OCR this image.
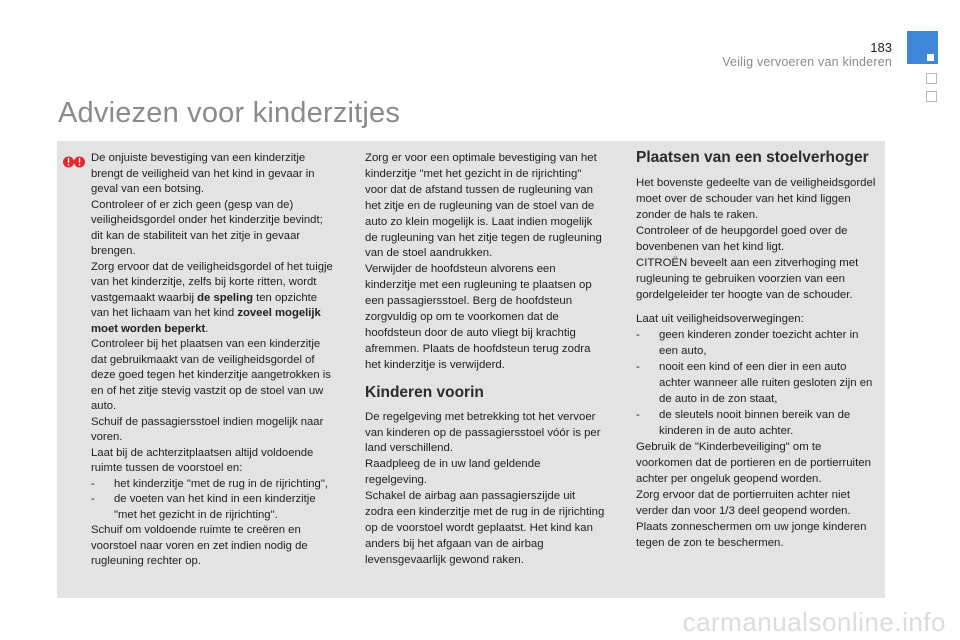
183
Veilig vervoeren van kinderen
Adviezen voor kinderzitjes

De onjuiste bevestiging van een kinderzitje brengt de veiligheid van het kind in gevaar in geval van een botsing.

Controleer of er zich geen (gesp van de) veiligheidsgordel onder het kinderzitje bevindt; dit kan de stabiliteit van het zitje in gevaar brengen.

Zorg ervoor dat de veiligheidsgordel of het tuigje van het kinderzitje, zelfs bij korte ritten, wordt vastgemaakt waarbij de speling ten opzichte van het lichaam van het kind zoveel mogelijk moet worden beperkt.

Controleer bij het plaatsen van een kinderzitje dat gebruikmaakt van de veiligheidsgordel of deze goed tegen het kinderzitje aangetrokken is en of het zitje stevig vastzit op de stoel van uw auto.

Schuif de passagiersstoel indien mogelijk naar voren.

Laat bij de achterzitplaatsen altijd voldoende ruimte tussen de voorstoel en:

- het kinderzitje "met de rug in de rijrichting",
- de voeten van het kind in een kinderzitje "met het gezicht in de rijrichting".

Schuif om voldoende ruimte te creëren en voorstoel naar voren en zet indien nodig de rugleuning rechter op.

Zorg er voor een optimale bevestiging van het kinderzitje "met het gezicht in de rijrichting" voor dat de afstand tussen de rugleuning van het zitje en de rugleuning van de stoel van de auto zo klein mogelijk is. Laat indien mogelijk de rugleuning van het zitje tegen de rugleuning van de stoel aandrukken.

Verwijder de hoofdsteun alvorens een kinderzitje met een rugleuning te plaatsen op een passagiersstoel. Berg de hoofdsteun zorgvuldig op om te voorkomen dat de hoofdsteun door de auto vliegt bij krachtig afremmen. Plaats de hoofdsteun terug zodra het kinderzitje is verwijderd.

Kinderen voorin

De regelgeving met betrekking tot het vervoer van kinderen op de passagiersstoel vóór is per land verschillend.

Raadpleeg de in uw land geldende regelgeving.

Schakel de airbag aan passagierszijde uit zodra een kinderzitje met de rug in de rijrichting op de voorstoel wordt geplaatst. Het kind kan anders bij het afgaan van de airbag levensgevaarlijk gewond raken.

Plaatsen van een stoelverhoger

Het bovenste gedeelte van de veiligheidsgordel moet over de schouder van het kind liggen zonder de hals te raken.

Controleer of de heupgordel goed over de bovenbenen van het kind ligt.

CITROËN beveelt aan een zitverhoging met rugleuning te gebruiken voorzien van een gordelgeleider ter hoogte van de schouder.

Laat uit veiligheidsoverwegingen:

- geen kinderen zonder toezicht achter in een auto,
- nooit een kind of een dier in een auto achter wanneer alle ruiten gesloten zijn en de auto in de zon staat,
- de sleutels nooit binnen bereik van de kinderen in de auto achter.

Gebruik de "Kinderbeveiliging" om te voorkomen dat de portieren en de portierruiten achter per ongeluk geopend worden.

Zorg ervoor dat de portierruiten achter niet verder dan voor 1/3 deel geopend worden.

Plaats zonneschermen om uw jonge kinderen tegen de zon te beschermen.

carmanualsonline.info
